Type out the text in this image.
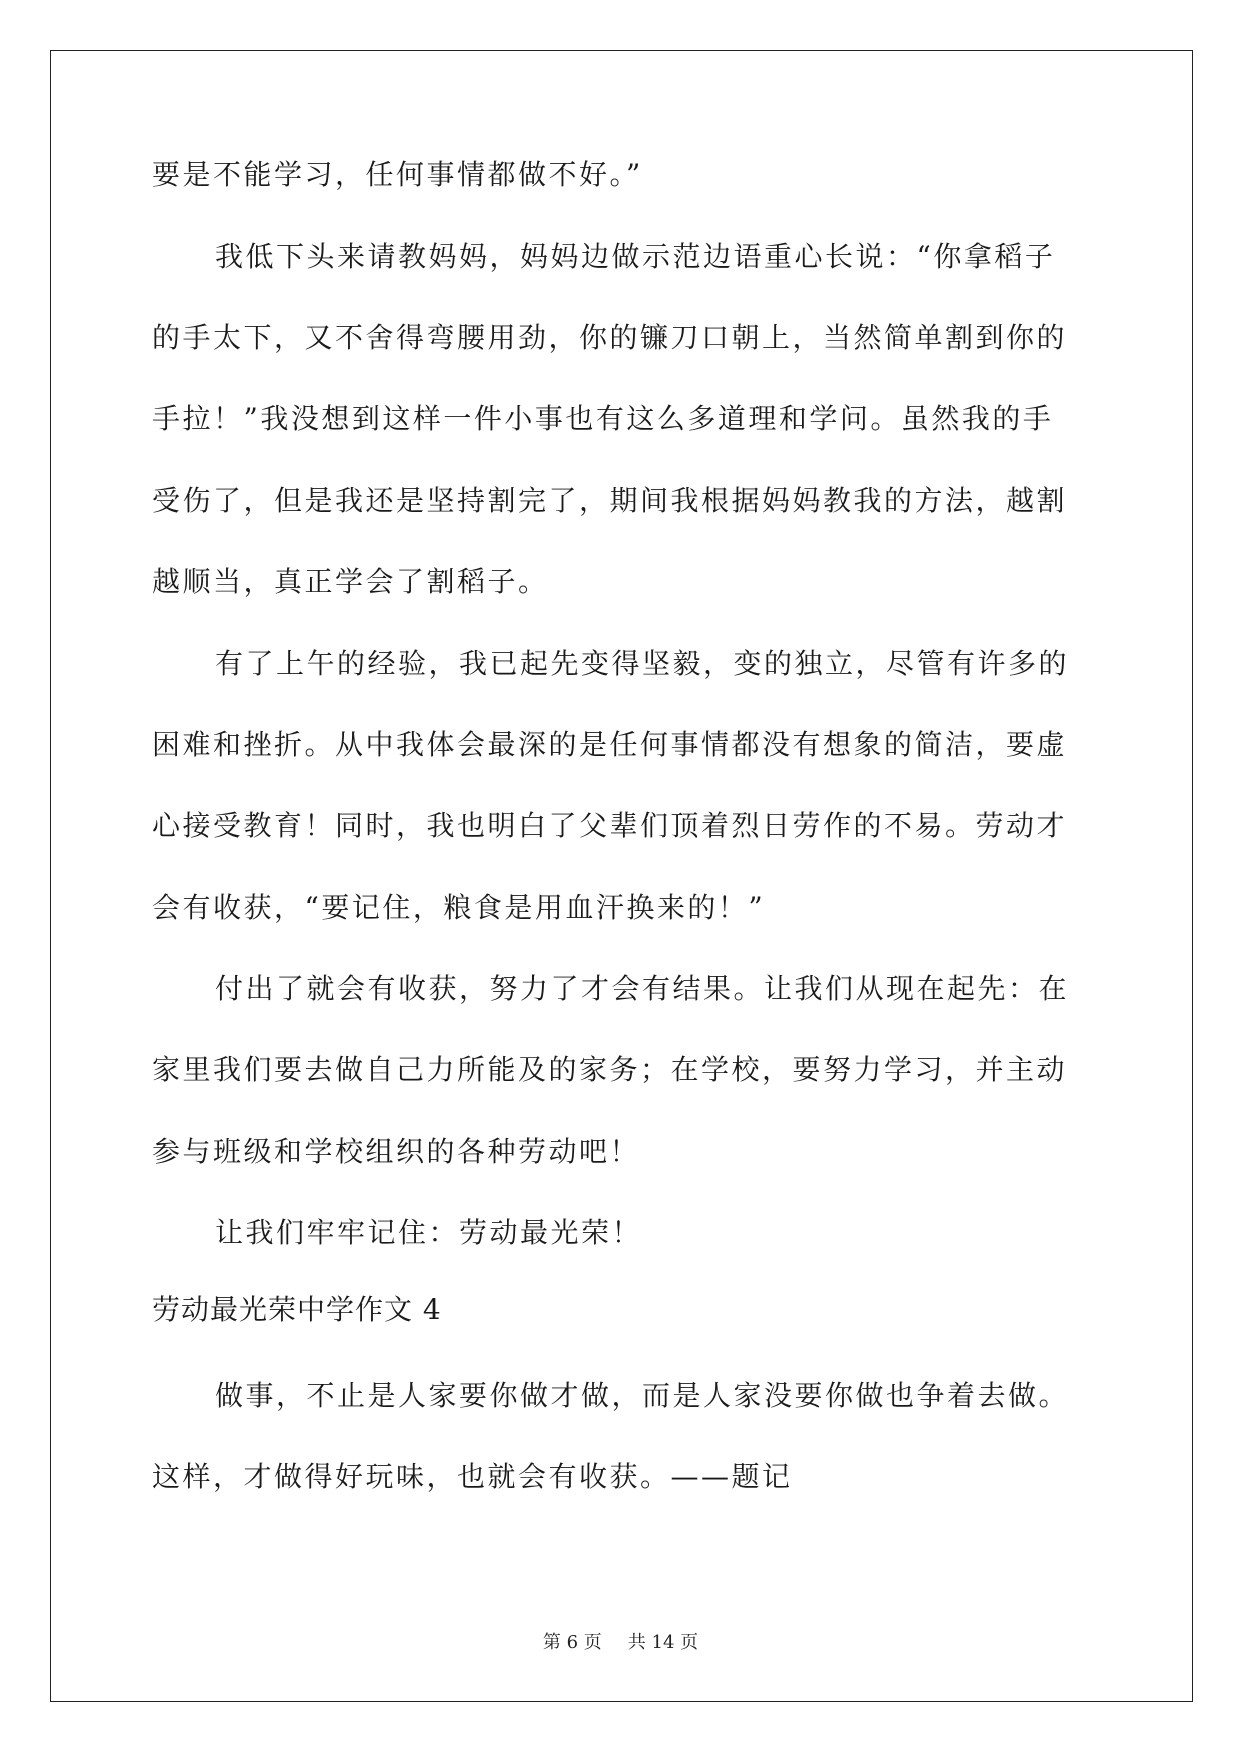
要是不能学习，任何事情都做不好。”
我低下头来请教妈妈，妈妈边做示范边语重心长说：“你拿稻子
的手太下，又不舍得弯腰用劲，你的镰刀口朝上，当然简单割到你的
手拉！”我没想到这样一件小事也有这么多道理和学问。虽然我的手
受伤了，但是我还是坚持割完了，期间我根据妈妈教我的方法，越割
越顺当，真正学会了割稻子。
有了上午的经验，我已起先变得坚毅，变的独立，尽管有许多的
困难和挫折。从中我体会最深的是任何事情都没有想象的简洁，要虚
心接受教育！同时，我也明白了父辈们顶着烈日劳作的不易。劳动才
会有收获，“要记住，粮食是用血汗换来的！”
付出了就会有收获，努力了才会有结果。让我们从现在起先：在
家里我们要去做自己力所能及的家务；在学校，要努力学习，并主动
参与班级和学校组织的各种劳动吧！
让我们牢牢记住：劳动最光荣！
劳动最光荣中学作文 4
做事，不止是人家要你做才做，而是人家没要你做也争着去做。
这样，才做得好玩味，也就会有收获。——题记
第 6 页 共 14 页
